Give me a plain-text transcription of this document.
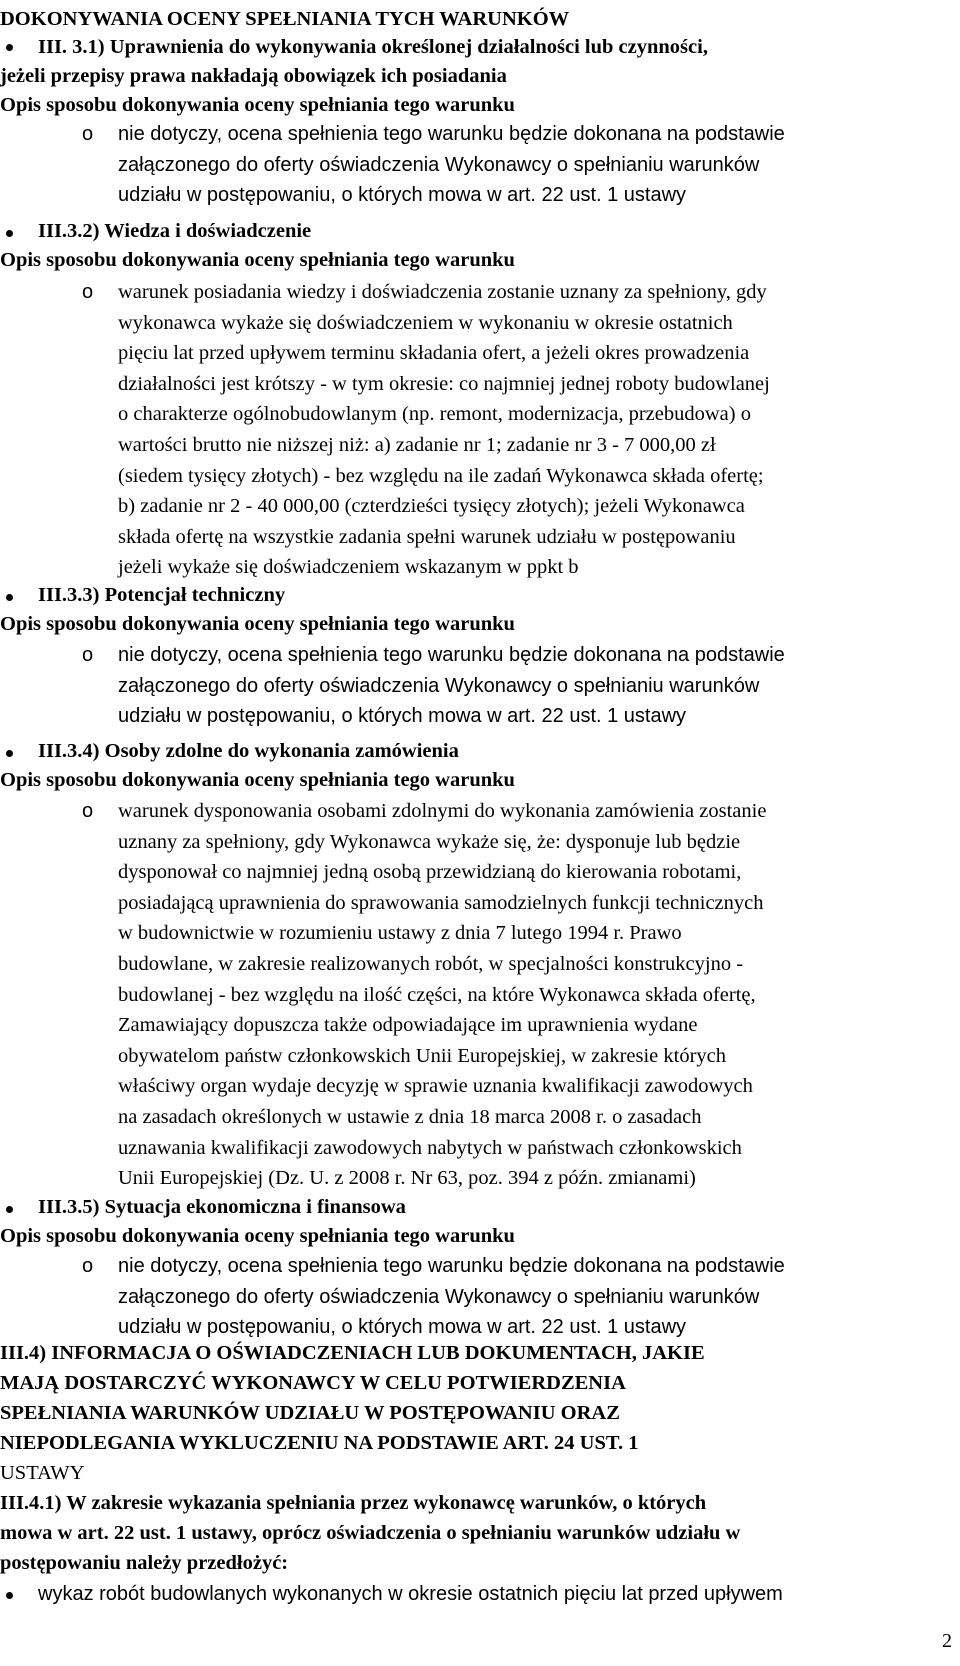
DOKONYWANIA OCENY SPEŁNIANIA TYCH WARUNKÓW
III. 3.1) Uprawnienia do wykonywania określonej działalności lub czynności,
jeżeli przepisy prawa nakładają obowiązek ich posiadania
Opis sposobu dokonywania oceny spełniania tego warunku
o nie dotyczy, ocena spełnienia tego warunku będzie dokonana na podstawie
załączonego do oferty oświadczenia Wykonawcy o spełnianiu warunków
udziału w postępowaniu, o których mowa w art. 22 ust. 1 ustawy
III.3.2) Wiedza i doświadczenie
Opis sposobu dokonywania oceny spełniania tego warunku
o warunek posiadania wiedzy i doświadczenia zostanie uznany za spełniony, gdy
wykonawca wykaże się doświadczeniem w wykonaniu w okresie ostatnich
pięciu lat przed upływem terminu składania ofert, a jeżeli okres prowadzenia
działalności jest krótszy - w tym okresie: co najmniej jednej roboty budowlanej
o charakterze ogólnobudowlanym (np. remont, modernizacja, przebudowa) o
wartości brutto nie niższej niż: a) zadanie nr 1; zadanie nr 3 - 7 000,00 zł
(siedem tysięcy złotych) - bez względu na ile zadań Wykonawca składa ofertę;
b) zadanie nr 2 - 40 000,00 (czterdzieści tysięcy złotych); jeżeli Wykonawca
składa ofertę na wszystkie zadania spełni warunek udziału w postępowaniu
jeżeli wykaże się doświadczeniem wskazanym w ppkt b
III.3.3) Potencjał techniczny
Opis sposobu dokonywania oceny spełniania tego warunku
o nie dotyczy, ocena spełnienia tego warunku będzie dokonana na podstawie
załączonego do oferty oświadczenia Wykonawcy o spełnianiu warunków
udziału w postępowaniu, o których mowa w art. 22 ust. 1 ustawy
III.3.4) Osoby zdolne do wykonania zamówienia
Opis sposobu dokonywania oceny spełniania tego warunku
o warunek dysponowania osobami zdolnymi do wykonania zamówienia zostanie
uznany za spełniony, gdy Wykonawca wykaże się, że: dysponuje lub będzie
dysponował co najmniej jedną osobą przewidzianą do kierowania robotami,
posiadającą uprawnienia do sprawowania samodzielnych funkcji technicznych
w budownictwie w rozumieniu ustawy z dnia 7 lutego 1994 r. Prawo
budowlane, w zakresie realizowanych robót, w specjalności konstrukcyjno -
budowlanej - bez względu na ilość części, na które Wykonawca składa ofertę,
Zamawiający dopuszcza także odpowiadające im uprawnienia wydane
obywatelom państw członkowskich Unii Europejskiej, w zakresie których
właściwy organ wydaje decyzję w sprawie uznania kwalifikacji zawodowych
na zasadach określonych w ustawie z dnia 18 marca 2008 r. o zasadach
uznawania kwalifikacji zawodowych nabytych w państwach członkowskich
Unii Europejskiej (Dz. U. z 2008 r. Nr 63, poz. 394 z późn. zmianami)
III.3.5) Sytuacja ekonomiczna i finansowa
Opis sposobu dokonywania oceny spełniania tego warunku
o nie dotyczy, ocena spełnienia tego warunku będzie dokonana na podstawie
załączonego do oferty oświadczenia Wykonawcy o spełnianiu warunków
udziału w postępowaniu, o których mowa w art. 22 ust. 1 ustawy
III.4) INFORMACJA O OŚWIADCZENIACH LUB DOKUMENTACH, JAKIE
MAJĄ DOSTARCZYĆ WYKONAWCY W CELU POTWIERDZENIA
SPEŁNIANIA WARUNKÓW UDZIAŁU W POSTĘPOWANIU ORAZ
NIEPODLEGANIA WYKLUCZENIU NA PODSTAWIE ART. 24 UST. 1
USTAWY
III.4.1) W zakresie wykazania spełniania przez wykonawcę warunków, o których
mowa w art. 22 ust. 1 ustawy, oprócz oświadczenia o spełnianiu warunków udziału w
postępowaniu należy przedłożyć:
wykaz robót budowlanych wykonanych w okresie ostatnich pięciu lat przed upływem
2
